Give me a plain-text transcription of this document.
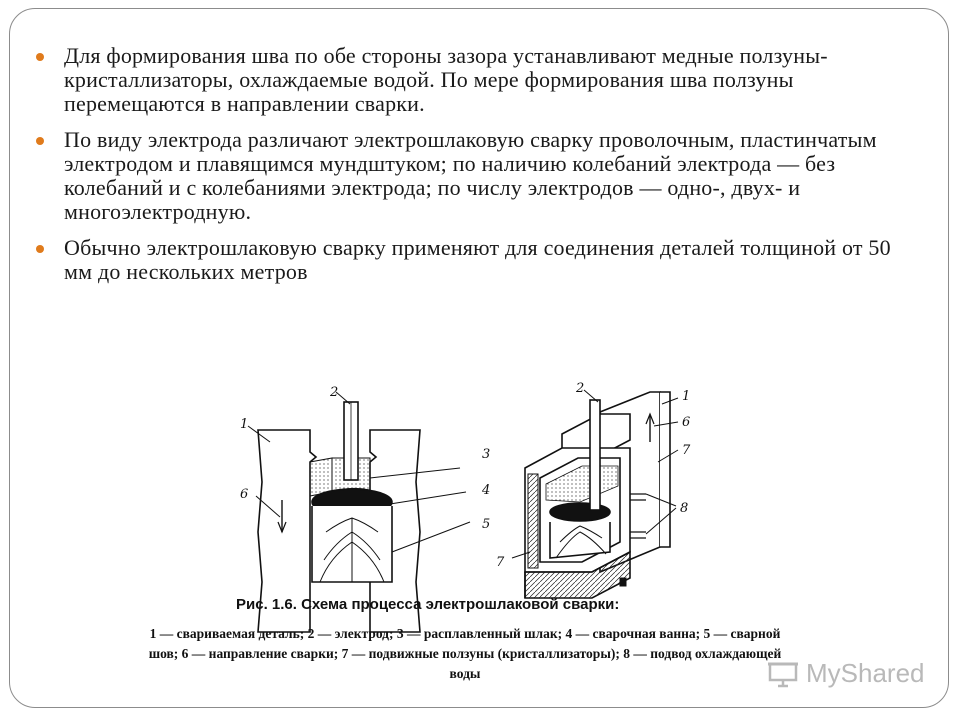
Для формирования шва по обе стороны зазора устанавливают медные ползуны-кристаллизаторы, охлаждаемые водой. По мере формирования шва ползуны перемещаются в направлении сварки.
По виду электрода различают электрошлаковую сварку проволочным, пластинчатым электродом и плавящимся мундштуком; по наличию колебаний электрода — без колебаний и с колебаниями электрода; по числу электродов — одно-, двух- и многоэлектродную.
Обычно электрошлаковую сварку применяют для соединения деталей толщиной от 50 мм до нескольких метров
2
1
6
3
4
5
2
1
6
7
8
7
Рис. 1.6. Схема процесса электрошлаковой сварки:
1 — свариваемая деталь; 2 — электрод; 3 — расплавленный шлак; 4 — сварочная ванна; 5 — сварной шов; 6 — направление сварки; 7 — подвижные ползуны (кристаллизаторы); 8 — подвод охлаждающей воды	MyShared
